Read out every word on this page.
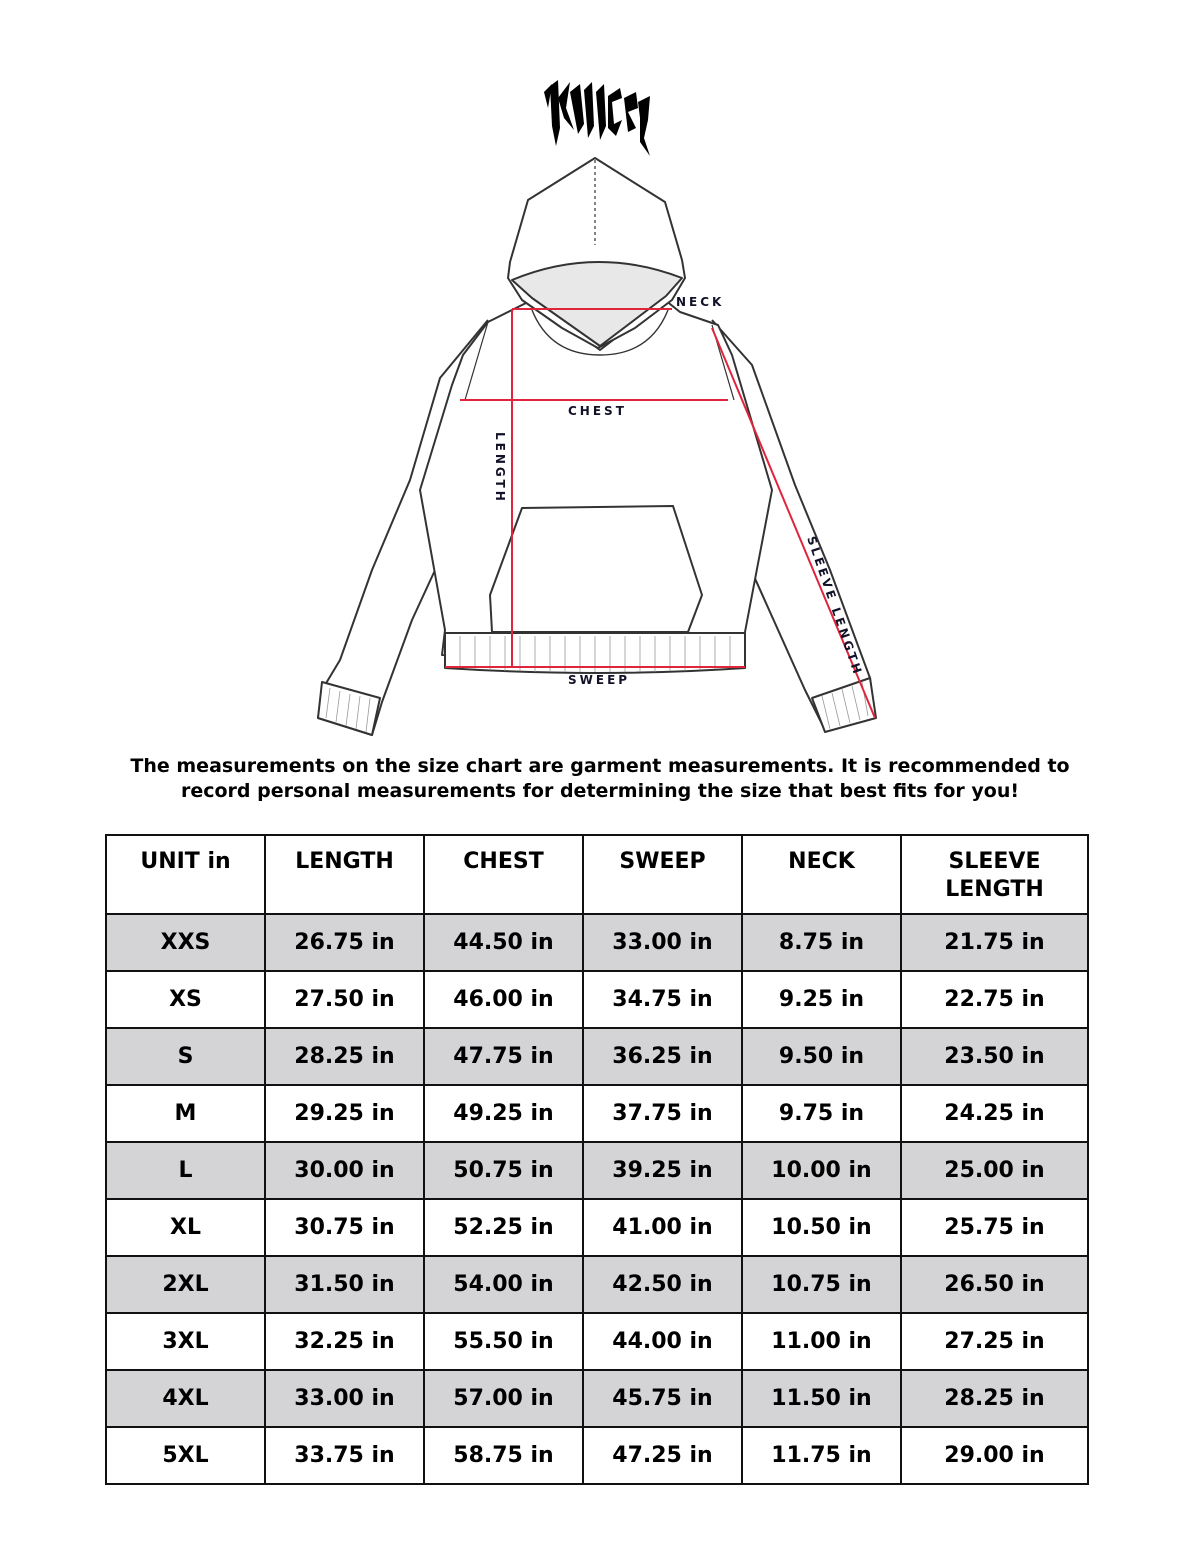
NECK
CHEST
LENGTH
SLEEVE LENGTH
SWEEP
The measurements on the size chart are garment measurements. It is recommended to
record personal measurements for determining the size that best fits for you!
UNIT in	LENGTH	CHEST	SWEEP	NECK	SLEEVE LENGTH
XXS	26.75 in	44.50 in	33.00 in	8.75 in	21.75 in
XS	27.50 in	46.00 in	34.75 in	9.25 in	22.75 in
S	28.25 in	47.75 in	36.25 in	9.50 in	23.50 in
M	29.25 in	49.25 in	37.75 in	9.75 in	24.25 in
L	30.00 in	50.75 in	39.25 in	10.00 in	25.00 in
XL	30.75 in	52.25 in	41.00 in	10.50 in	25.75 in
2XL	31.50 in	54.00 in	42.50 in	10.75 in	26.50 in
3XL	32.25 in	55.50 in	44.00 in	11.00 in	27.25 in
4XL	33.00 in	57.00 in	45.75 in	11.50 in	28.25 in
5XL	33.75 in	58.75 in	47.25 in	11.75 in	29.00 in
